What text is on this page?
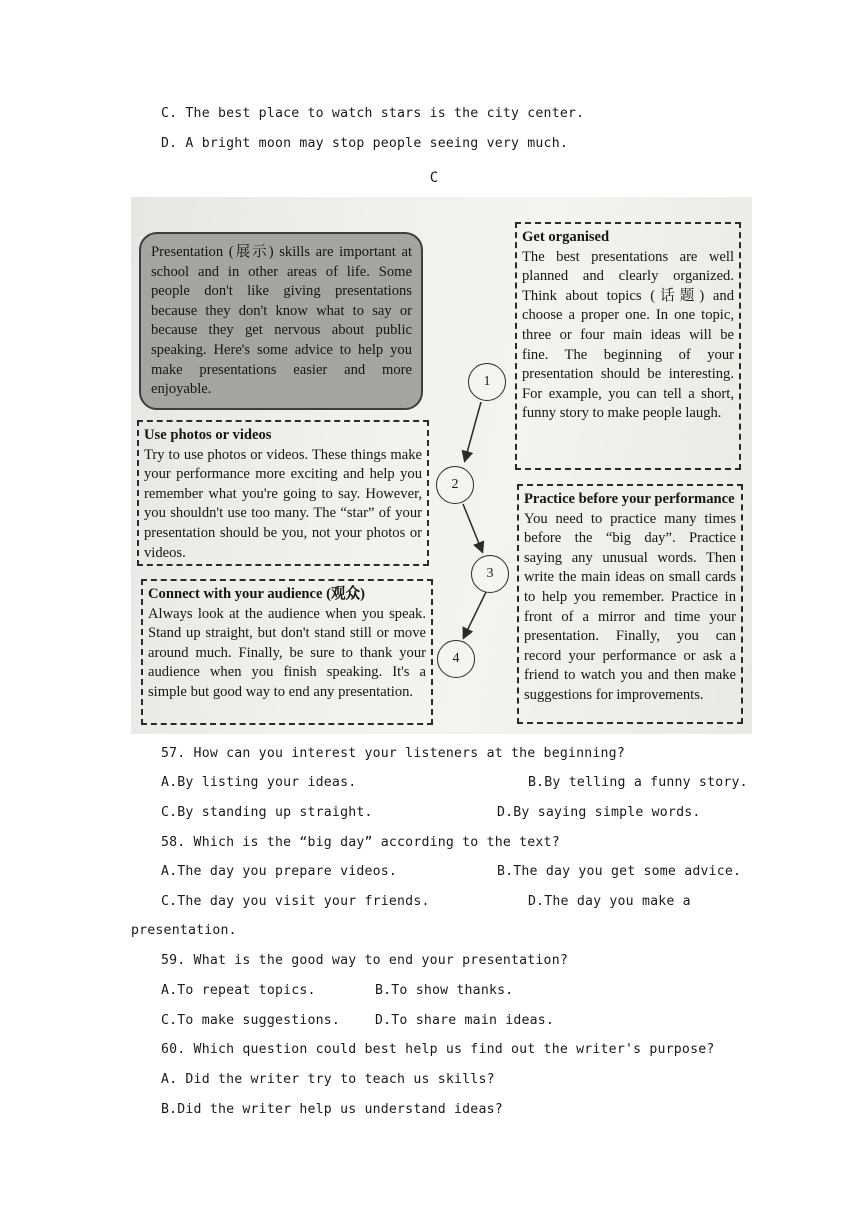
C. The best place to watch stars is the city center.
D. A bright moon may stop people seeing very much.
C
Presentation (展示) skills are important at school and in other areas of life. Some people don't like giving presentations because they don't know what to say or because they get nervous about public speaking. Here's some advice to help you make presentations easier and more enjoyable.
Get organised
The best presentations are well planned and clearly organized. Think about topics (话题) and choose a proper one. In one topic, three or four main ideas will be fine. The beginning of your presentation should be interesting. For example, you can tell a short, funny story to make people laugh.
Use photos or videos
Try to use photos or videos. These things make your performance more exciting and help you remember what you're going to say. However, you shouldn't use too many. The “star” of your presentation should be you, not your photos or videos.
Practice before your performance
You need to practice many times before the “big day”. Practice saying any unusual words. Then write the main ideas on small cards to help you remember. Practice in front of a mirror and time your presentation. Finally, you can record your performance or ask a friend to watch you and then make suggestions for improvements.
Connect with your audience (观众)
Always look at the audience when you speak. Stand up straight, but don't stand still or move around much. Finally, be sure to thank your audience when you finish speaking. It's a simple but good way to end any presentation.
1
2
3
4
57. How can you interest your listeners at the beginning?
A.By listing your ideas.	B.By telling a funny story.
C.By standing up straight.	D.By saying simple words.
58. Which is the “big day” according to the text?
A.The day you prepare videos.	B.The day you get some advice.
C.The day you visit your friends.	D.The day you make a
presentation.
59. What is the good way to end your presentation?
A.To repeat topics.	B.To show thanks.
C.To make suggestions.	D.To share main ideas.
60. Which question could best help us find out the writer's purpose?
A. Did the writer try to teach us skills?
B.Did the writer help us understand ideas?
